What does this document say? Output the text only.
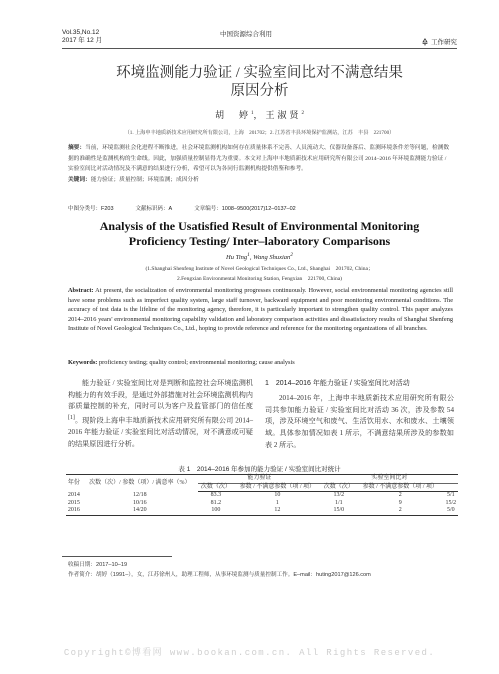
Vol.35,No.12
2017 年 12 月
中国资源综合利用
工作研究
环境监测能力验证 / 实验室间比对不满意结果
原因分析
胡　婷$^1$，王淑贤$^2$
（1. 上海申丰地质新技术应用研究所有限公司，上海　201702；2. 江苏省丰县环境保护监测站，江苏　丰县　221700）
摘要：当前，环境监测社会化进程不断推进，社会环境监测机构如何存在质量体系不完善、人员流动大、仪器设备落后、监测环境条件差等问题，检测数据的准确性是监测机构的生命线。因此，加强质量控制显得尤为重要。本文对上海申丰地质新技术应用研究所有限公司 2014–2016 年环境监测能力验证 / 实验室间比对活动情况及不满意的结果进行分析，希望可以为各同行监测机构提供借鉴和参考。
关键词：能力验证；质量控制；环境监测；成因分析
中图分类号：F203	文献标识码：A	文章编号：1008–9500(2017)12–0137–02
Analysis of the Usatisfied Result of Environmental Monitoring
Proficiency Testing/ Inter–laboratory Comparisons
Hu Ting$^1$, Wang Shuxian$^2$
(1.Shanghai Shenfeng Institute of Novel Geological Techniques Co., Ltd., Shanghai　201702, China；
2.Fengxian Environmental Monitoring Station, Fengxian　221700, China)
Abstract: At present, the socialization of environmental monitoring progresses continuously. However, social environmental monitoring agencies still have some problems such as imperfect quality system, large staff turnover, backward equipment and poor monitoring environmental conditions. The accuracy of test data is the lifeline of the monitoring agency, therefore, it is particularly important to strengthen quality control. This paper analyzes 2014–2016 years' environmental monitoring capability validation and laboratory comparison activities and dissatisfactory results of Shanghai Shenfeng Institute of Novel Geological Techniques Co., Ltd., hoping to provide reference and reference for the monitoring organizations of all branches.
Keywords: proficiency testing; quality control; environmental monitoring; cause analysis
能力验证 / 实验室间比对是判断和监控社会环境监测机构能力的有效手段，是通过外部措施对社会环境监测机构内部质量控制的补充，同时可以为客户及监管部门的信任度[1]。现阶段上海申丰地质新技术应用研究所有限公司 2014–2016 年能力验证 / 实验室间比对活动情况，对不满意或可疑的结果原因进行分析。
1　2014–2016 年能力验证 / 实验室间比对活动
2014–2016 年，上海申丰地质新技术应用研究所有限公司共参加能力验证 / 实验室间比对活动 36 次，涉及参数 54 项，涉及环境空气和废气、生活饮用水、水和废水、土壤领域。具体参加情况如表 1 所示，不满意结果所涉及的参数如表 2 所示。
表 1　2014–2016 年参加的能力验证 / 实验室间比对统计
年份	次数（次）/ 参数（项）/ 满意率（%）	能力验证		实验室间比对		
		次数（次）	参数 / 不满意参数（项 / 项）	次数（次）	参数 / 不满意参数（项 / 项）	
2014	12/18	83.3	10	13/2	2	5/1
2015	10/16	81.2	1	1/1	9	15/2
2016	14/20	100	12	15/0	2	5/0
收稿日期：2017–10–19
作者简介：胡婷（1991–），女，江苏徐州人，助理工程师，从事环境监测与质量控制工作。E–mail：huting2017@126.com
Copyright©博看网 www.bookan.com.cn. All Rights Reserved.
